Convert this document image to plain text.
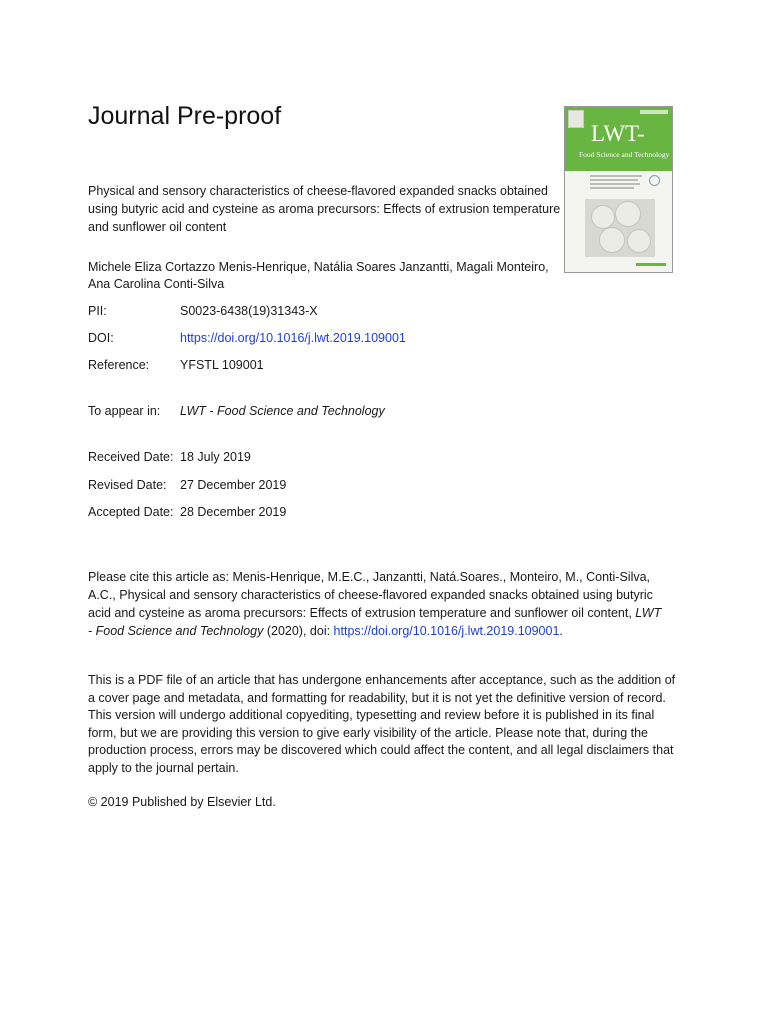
Journal Pre-proof
LWT-
Food Science and Technology
Physical and sensory characteristics of cheese-flavored expanded snacks obtained using butyric acid and cysteine as aroma precursors: Effects of extrusion temperature and sunflower oil content
Michele Eliza Cortazzo Menis-Henrique, Natália Soares Janzantti, Magali Monteiro, Ana Carolina Conti-Silva
PII:	S0023-6438(19)31343-X
DOI:	https://doi.org/10.1016/j.lwt.2019.109001
Reference: YFSTL 109001
To appear in: LWT - Food Science and Technology
Received Date: 18 July 2019
Revised Date: 27 December 2019
Accepted Date: 28 December 2019
Please cite this article as: Menis-Henrique, M.E.C., Janzantti, Natá.Soares., Monteiro, M., Conti-Silva, A.C., Physical and sensory characteristics of cheese-flavored expanded snacks obtained using butyric acid and cysteine as aroma precursors: Effects of extrusion temperature and sunflower oil content, LWT - Food Science and Technology (2020), doi: https://doi.org/10.1016/j.lwt.2019.109001.
This is a PDF file of an article that has undergone enhancements after acceptance, such as the addition of a cover page and metadata, and formatting for readability, but it is not yet the definitive version of record. This version will undergo additional copyediting, typesetting and review before it is published in its final form, but we are providing this version to give early visibility of the article. Please note that, during the production process, errors may be discovered which could affect the content, and all legal disclaimers that apply to the journal pertain.
© 2019 Published by Elsevier Ltd.
